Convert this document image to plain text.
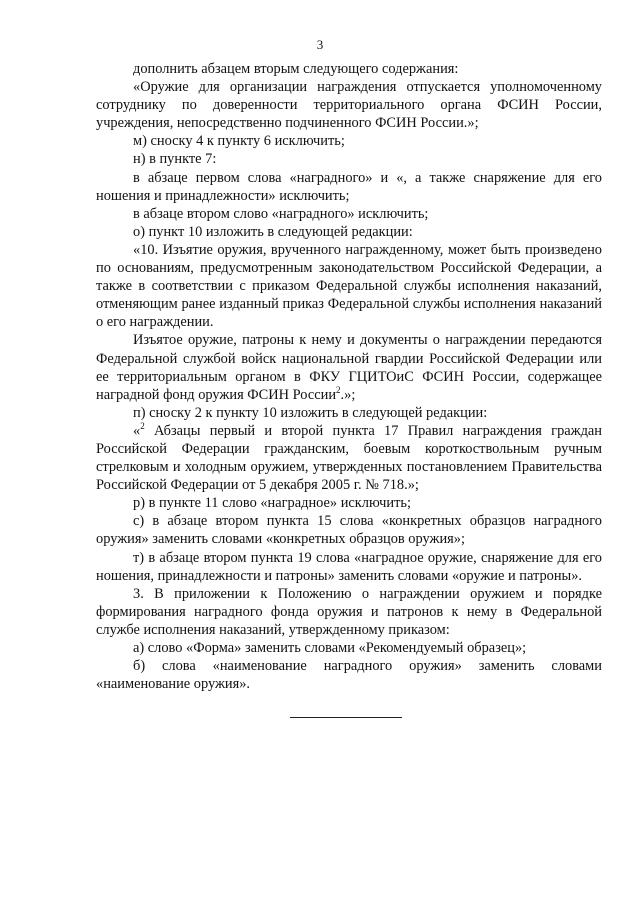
3

дополнить абзацем вторым следующего содержания:

«Оружие для организации награждения отпускается уполномоченному сотруднику по доверенности территориального органа ФСИН России, учреждения, непосредственно подчиненного ФСИН России.»;

м) сноску 4 к пункту 6 исключить;

н) в пункте 7:

в абзаце первом слова «наградного» и «, а также снаряжение для его ношения и принадлежности» исключить;

в абзаце втором слово «наградного» исключить;

о) пункт 10 изложить в следующей редакции:

«10. Изъятие оружия, врученного награжденному, может быть произведено по основаниям, предусмотренным законодательством Российской Федерации, а также в соответствии с приказом Федеральной службы исполнения наказаний, отменяющим ранее изданный приказ Федеральной службы исполнения наказаний о его награждении.

Изъятое оружие, патроны к нему и документы о награждении передаются Федеральной службой войск национальной гвардии Российской Федерации или ее территориальным органом в ФКУ ГЦИТОиС ФСИН России, содержащее наградной фонд оружия ФСИН России$^2$.»;

п) сноску 2 к пункту 10 изложить в следующей редакции:

«$^2$ Абзацы первый и второй пункта 17 Правил награждения граждан Российской Федерации гражданским, боевым короткоствольным ручным стрелковым и холодным оружием, утвержденных постановлением Правительства Российской Федерации от 5 декабря 2005 г. № 718.»;

р) в пункте 11 слово «наградное» исключить;

с) в абзаце втором пункта 15 слова «конкретных образцов наградного оружия» заменить словами «конкретных образцов оружия»;

т) в абзаце втором пункта 19 слова «наградное оружие, снаряжение для его ношения, принадлежности и патроны» заменить словами «оружие и патроны».

3. В приложении к Положению о награждении оружием и порядке формирования наградного фонда оружия и патронов к нему в Федеральной службе исполнения наказаний, утвержденному приказом:

а) слово «Форма» заменить словами «Рекомендуемый образец»;

б) слова «наименование наградного оружия» заменить словами «наименование оружия».
